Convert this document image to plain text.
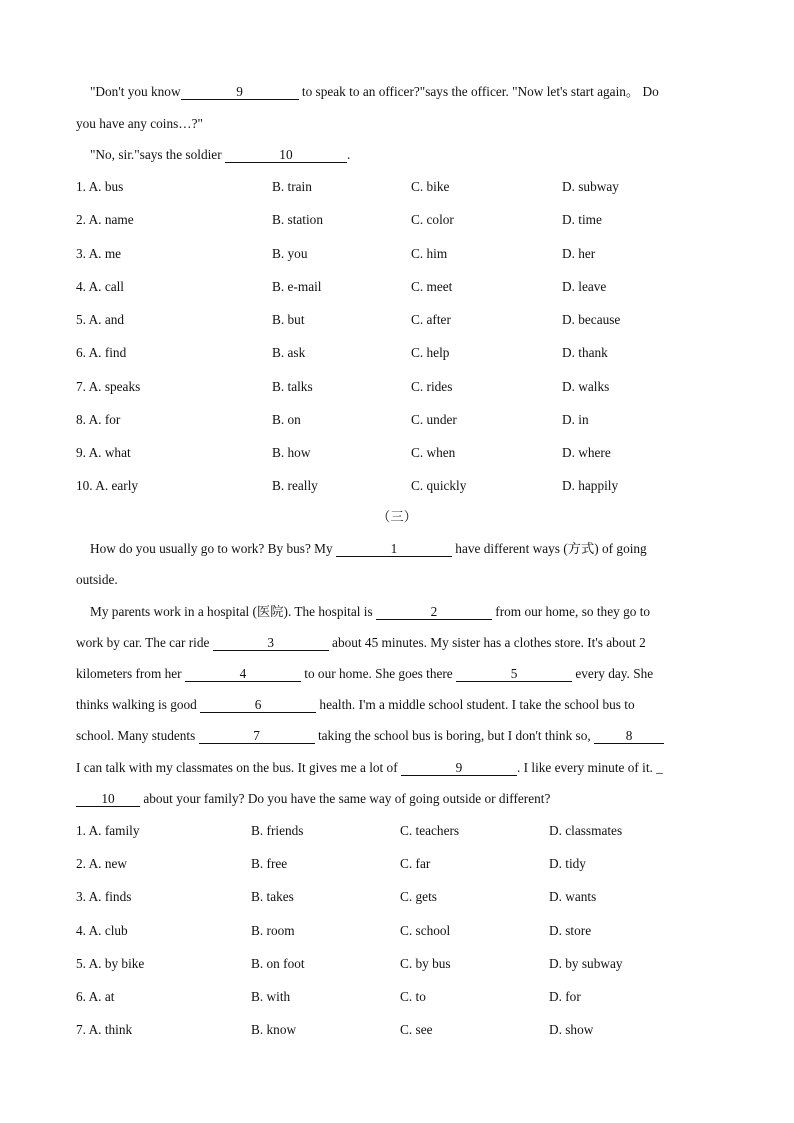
"Don't you know	9	to speak to an officer?"says the officer. "Now let's start again。 Do
you have any coins…?"
"No, sir."says the soldier	10	.
1. A. bus	B. train	C. bike	D. subway
2. A. name	B. station	C. color	D. time
3. A. me	B. you	C. him	D. her
4. A. call	B. e-mail	C. meet	D. leave
5. A. and	B. but	C. after	D. because
6. A. find	B. ask	C. help	D. thank
7. A. speaks	B. talks	C. rides	D. walks
8. A. for	B. on	C. under	D. in
9. A. what	B. how	C. when	D. where
10. A. early	B. really	C. quickly	D. happily
（三）
How do you usually go to work? By bus? My	1	have different ways (方式) of going
outside.
My parents work in a hospital (医院). The hospital is	2	from our home, so they go to
work by car. The car ride	3	about 45 minutes. My sister has a clothes store. It's about 2
kilometers from her	4	to our home. She goes there	5	every day. She
thinks walking is good	6	health. I'm a middle school student. I take the school bus to
school. Many students	7	taking the school bus is boring, but I don't think so, 8
I can talk with my classmates on the bus. It gives me a lot of	9	. I like every minute of it. _
10 about your family? Do you have the same way of going outside or different?
1. A. family	B. friends	C. teachers	D. classmates
2. A. new	B. free	C. far	D. tidy
3. A. finds	B. takes	C. gets	D. wants
4. A. club	B. room	C. school	D. store
5. A. by bike	B. on foot	C. by bus	D. by subway
6. A. at	B. with	C. to	D. for
7. A. think	B. know	C. see	D. show
